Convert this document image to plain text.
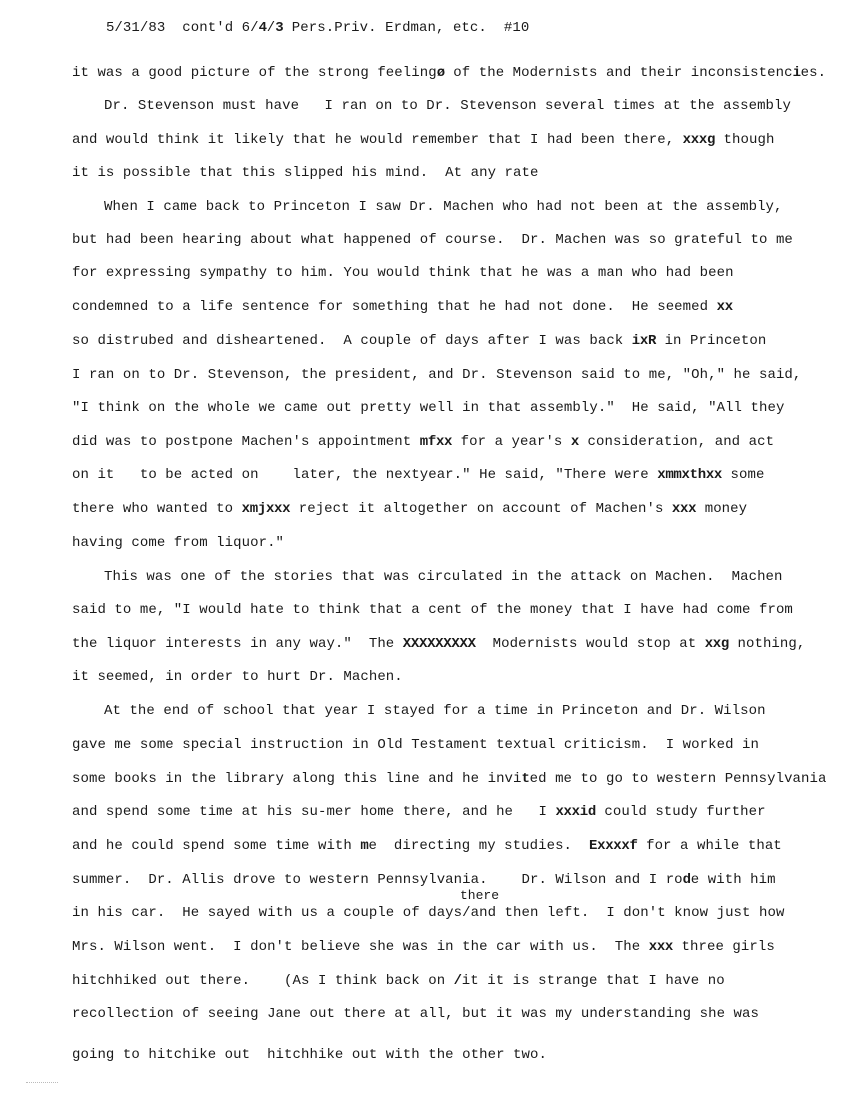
5/31/83 cont'd 6/4/3 Pers.Priv. Erdman, etc. #10

it was a good picture of the strong feelingø of the Modernists and their inconsistencies.
Dr. Stevenson must have   I ran on to Dr. Stevenson several times at the assembly
and would think it likely that he would remember that I had been there, xxxg though
it is possible that this slipped his mind.  At any rate
When I came back to Princeton I saw Dr. Machen who had not been at the assembly,
but had been hearing about what happened of course.  Dr. Machen was so grateful to me
for expressing sympathy to him. You would think that he was a man who had been
condemned to a life sentence for something that he had not done.  He seemed xx
so distrubed and disheartened.  A couple of days after I was back ixR in Princeton
I ran on to Dr. Stevenson, the president, and Dr. Stevenson said to me, "Oh," he said,
"I think on the whole we came out pretty well in that assembly."  He said, "All they
did was to postpone Machen's appointment mfxx for a year's x consideration, and act
on it   to be acted on    later, the nextyear." He said, "There were xmmxthxx some
there who wanted to xmjxxx reject it altogether on account of Machen's xxx money
having come from liquor."
This was one of the stories that was circulated in the attack on Machen.  Machen
said to me, "I would hate to think that a cent of the money that I have had come from
the liquor interests in any way."  The XXXXXXXXX  Modernists would stop at xxg nothing,
it seemed, in order to hurt Dr. Machen.
At the end of school that year I stayed for a time in Princeton and Dr. Wilson
gave me some special instruction in Old Testament textual criticism.  I worked in
some books in the library along this line and he invited me to go to western Pennsylvania
and spend some time at his su-mer home there, and he   I xxxid could study further
and he could spend some time with me  directing my studies.  Exxxxf for a while that
summer.  Dr. Allis drove to western Pennsylvania.    Dr. Wilson and I rode with him
there
in his car.  He sayed with us a couple of days/and then left.  I don't know just how
Mrs. Wilson went.  I don't believe she was in the car with us.  The xxx three girls
hitchhiked out there.    (As I think back on /it it is strange that I have no
recollection of seeing Jane out there at all, but it was my understanding she was
going to hitchike out  hitchhike out with the other two.
